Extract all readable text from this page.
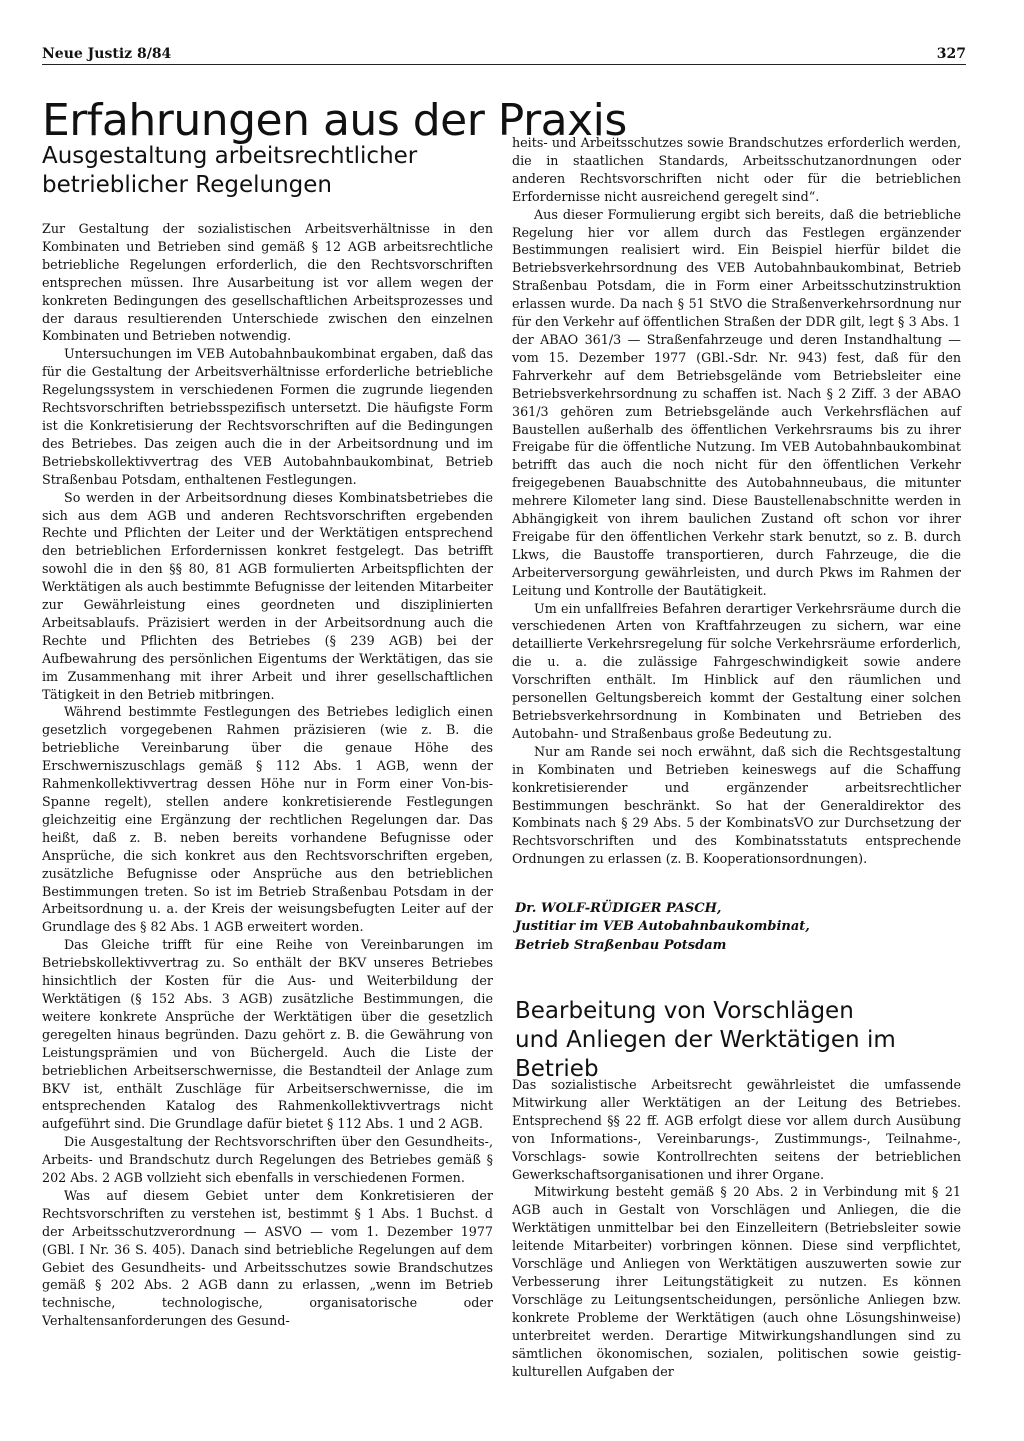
Neue Justiz 8/84	327
Erfahrungen aus der Praxis
Ausgestaltung arbeitsrechtlicher
betrieblicher Regelungen

Zur Gestaltung der sozialistischen Arbeitsverhältnisse in den Kombinaten und Betrieben sind gemäß § 12 AGB arbeitsrechtliche betriebliche Regelungen erforderlich, die den Rechtsvorschriften entsprechen müssen. Ihre Ausarbeitung ist vor allem wegen der konkreten Bedingungen des gesellschaftlichen Arbeitsprozesses und der daraus resultierenden Unterschiede zwischen den einzelnen Kombinaten und Betrieben notwendig.

Untersuchungen im VEB Autobahnbaukombinat ergaben, daß das für die Gestaltung der Arbeitsverhältnisse erforderliche betriebliche Regelungssystem in verschiedenen Formen die zugrunde liegenden Rechtsvorschriften betriebsspezifisch untersetzt. Die häufigste Form ist die Konkretisierung der Rechtsvorschriften auf die Bedingungen des Betriebes. Das zeigen auch die in der Arbeitsordnung und im Betriebskollektivvertrag des VEB Autobahnbaukombinat, Betrieb Straßenbau Potsdam, enthaltenen Festlegungen.

So werden in der Arbeitsordnung dieses Kombinatsbetriebes die sich aus dem AGB und anderen Rechtsvorschriften ergebenden Rechte und Pflichten der Leiter und der Werktätigen entsprechend den betrieblichen Erfordernissen konkret festgelegt. Das betrifft sowohl die in den §§ 80, 81 AGB formulierten Arbeitspflichten der Werktätigen als auch bestimmte Befugnisse der leitenden Mitarbeiter zur Gewährleistung eines geordneten und disziplinierten Arbeitsablaufs. Präzisiert werden in der Arbeitsordnung auch die Rechte und Pflichten des Betriebes (§ 239 AGB) bei der Aufbewahrung des persönlichen Eigentums der Werktätigen, das sie im Zusammenhang mit ihrer Arbeit und ihrer gesellschaftlichen Tätigkeit in den Betrieb mitbringen.

Während bestimmte Festlegungen des Betriebes lediglich einen gesetzlich vorgegebenen Rahmen präzisieren (wie z. B. die betriebliche Vereinbarung über die genaue Höhe des Erschwerniszuschlags gemäß § 112 Abs. 1 AGB, wenn der Rahmenkollektivvertrag dessen Höhe nur in Form einer Von-bis-Spanne regelt), stellen andere konkretisierende Festlegungen gleichzeitig eine Ergänzung der rechtlichen Regelungen dar. Das heißt, daß z. B. neben bereits vorhandene Befugnisse oder Ansprüche, die sich konkret aus den Rechtsvorschriften ergeben, zusätzliche Befugnisse oder Ansprüche aus den betrieblichen Bestimmungen treten. So ist im Betrieb Straßenbau Potsdam in der Arbeitsordnung u. a. der Kreis der weisungsbefugten Leiter auf der Grundlage des § 82 Abs. 1 AGB erweitert worden.

Das Gleiche trifft für eine Reihe von Vereinbarungen im Betriebskollektivvertrag zu. So enthält der BKV unseres Betriebes hinsichtlich der Kosten für die Aus- und Weiterbildung der Werktätigen (§ 152 Abs. 3 AGB) zusätzliche Bestimmungen, die weitere konkrete Ansprüche der Werktätigen über die gesetzlich geregelten hinaus begründen. Dazu gehört z. B. die Gewährung von Leistungsprämien und von Büchergeld. Auch die Liste der betrieblichen Arbeitserschwernisse, die Bestandteil der Anlage zum BKV ist, enthält Zuschläge für Arbeitserschwernisse, die im entsprechenden Katalog des Rahmenkollektivvertrags nicht aufgeführt sind. Die Grundlage dafür bietet § 112 Abs. 1 und 2 AGB.

Die Ausgestaltung der Rechtsvorschriften über den Gesundheits-, Arbeits- und Brandschutz durch Regelungen des Betriebes gemäß § 202 Abs. 2 AGB vollzieht sich ebenfalls in verschiedenen Formen.

Was auf diesem Gebiet unter dem Konkretisieren der Rechtsvorschriften zu verstehen ist, bestimmt § 1 Abs. 1 Buchst. d der Arbeitsschutzverordnung — ASVO — vom 1. Dezember 1977 (GBl. I Nr. 36 S. 405). Danach sind betriebliche Regelungen auf dem Gebiet des Gesundheits- und Arbeitsschutzes sowie Brandschutzes gemäß § 202 Abs. 2 AGB dann zu erlassen, „wenn im Betrieb technische, technologische, organisatorische oder Verhaltensanforderungen des Gesund-

heits- und Arbeitsschutzes sowie Brandschutzes erforderlich werden, die in staatlichen Standards, Arbeitsschutzanordnungen oder anderen Rechtsvorschriften nicht oder für die betrieblichen Erfordernisse nicht ausreichend geregelt sind“.

Aus dieser Formulierung ergibt sich bereits, daß die betriebliche Regelung hier vor allem durch das Festlegen ergänzender Bestimmungen realisiert wird. Ein Beispiel hierfür bildet die Betriebsverkehrsordnung des VEB Autobahnbaukombinat, Betrieb Straßenbau Potsdam, die in Form einer Arbeitsschutzinstruktion erlassen wurde. Da nach § 51 StVO die Straßenverkehrsordnung nur für den Verkehr auf öffentlichen Straßen der DDR gilt, legt § 3 Abs. 1 der ABAO 361/3 — Straßenfahrzeuge und deren Instandhaltung — vom 15. Dezember 1977 (GBl.-Sdr. Nr. 943) fest, daß für den Fahrverkehr auf dem Betriebsgelände vom Betriebsleiter eine Betriebsverkehrsordnung zu schaffen ist. Nach § 2 Ziff. 3 der ABAO 361/3 gehören zum Betriebsgelände auch Verkehrsflächen auf Baustellen außerhalb des öffentlichen Verkehrsraums bis zu ihrer Freigabe für die öffentliche Nutzung. Im VEB Autobahnbaukombinat betrifft das auch die noch nicht für den öffentlichen Verkehr freigegebenen Bauabschnitte des Autobahnneubaus, die mitunter mehrere Kilometer lang sind. Diese Baustellenabschnitte werden in Abhängigkeit von ihrem baulichen Zustand oft schon vor ihrer Freigabe für den öffentlichen Verkehr stark benutzt, so z. B. durch Lkws, die Baustoffe transportieren, durch Fahrzeuge, die die Arbeiterversorgung gewährleisten, und durch Pkws im Rahmen der Leitung und Kontrolle der Bautätigkeit.

Um ein unfallfreies Befahren derartiger Verkehrsräume durch die verschiedenen Arten von Kraftfahrzeugen zu sichern, war eine detaillierte Verkehrsregelung für solche Verkehrsräume erforderlich, die u. a. die zulässige Fahrgeschwindigkeit sowie andere Vorschriften enthält. Im Hinblick auf den räumlichen und personellen Geltungsbereich kommt der Gestaltung einer solchen Betriebsverkehrsordnung in Kombinaten und Betrieben des Autobahn- und Straßenbaus große Bedeutung zu.

Nur am Rande sei noch erwähnt, daß sich die Rechtsgestaltung in Kombinaten und Betrieben keineswegs auf die Schaffung konkretisierender und ergänzender arbeitsrechtlicher Bestimmungen beschränkt. So hat der Generaldirektor des Kombinats nach § 29 Abs. 5 der KombinatsVO zur Durchsetzung der Rechtsvorschriften und des Kombinatsstatuts entsprechende Ordnungen zu erlassen (z. B. Kooperationsordnungen).

Dr. WOLF-RÜDIGER PASCH,
Justitiar im VEB Autobahnbaukombinat,
Betrieb Straßenbau Potsdam
Bearbeitung von Vorschlägen
und Anliegen der Werktätigen im Betrieb

Das sozialistische Arbeitsrecht gewährleistet die umfassende Mitwirkung aller Werktätigen an der Leitung des Betriebes. Entsprechend §§ 22 ff. AGB erfolgt diese vor allem durch Ausübung von Informations-, Vereinbarungs-, Zustimmungs-, Teilnahme-, Vorschlags- sowie Kontrollrechten seitens der betrieblichen Gewerkschaftsorganisationen und ihrer Organe.

Mitwirkung besteht gemäß § 20 Abs. 2 in Verbindung mit § 21 AGB auch in Gestalt von Vorschlägen und Anliegen, die die Werktätigen unmittelbar bei den Einzelleitern (Betriebsleiter sowie leitende Mitarbeiter) vorbringen können. Diese sind verpflichtet, Vorschläge und Anliegen von Werktätigen auszuwerten sowie zur Verbesserung ihrer Leitungstätigkeit zu nutzen. Es können Vorschläge zu Leitungsentscheidungen, persönliche Anliegen bzw. konkrete Probleme der Werktätigen (auch ohne Lösungshinweise) unterbreitet werden. Derartige Mitwirkungshandlungen sind zu sämtlichen ökonomischen, sozialen, politischen sowie geistig-kulturellen Aufgaben der
